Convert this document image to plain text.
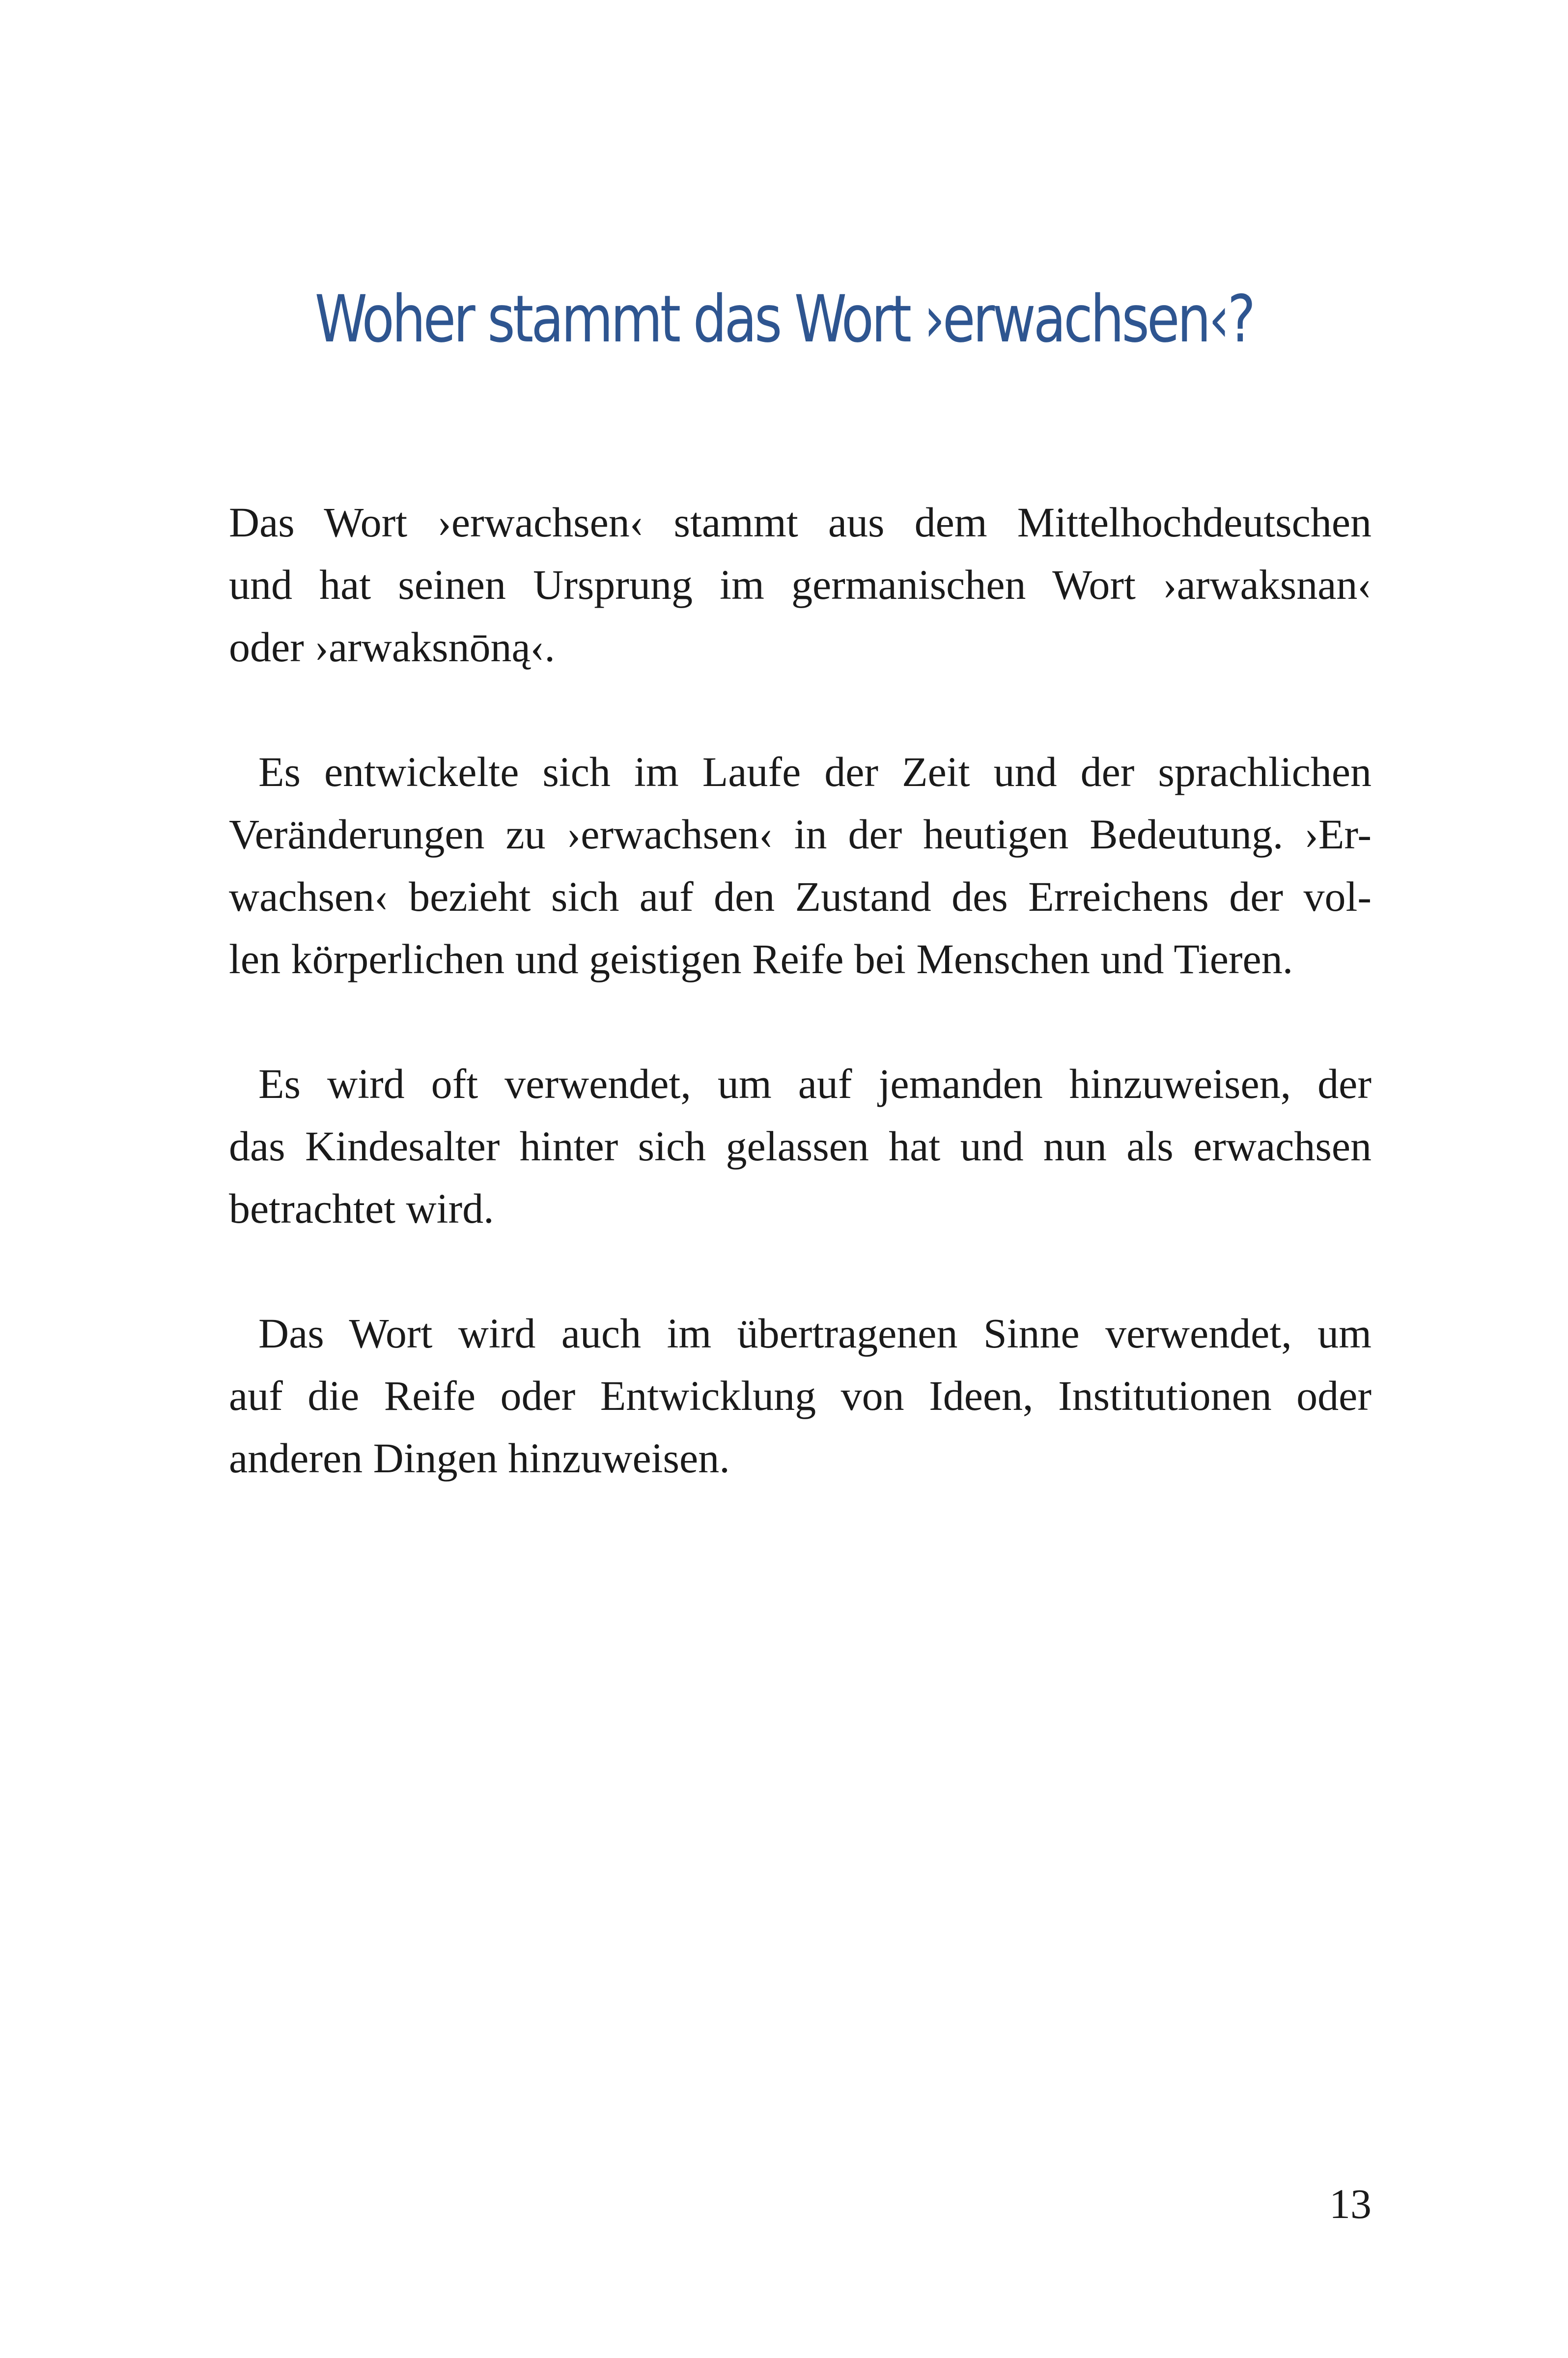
Woher stammt das Wort ›erwachsen‹?

Das Wort ›erwachsen‹ stammt aus dem Mittelhochdeutschen
und hat seinen Ursprung im germanischen Wort ›arwaksnan‹
oder ›arwaksnōną‹.

Es entwickelte sich im Laufe der Zeit und der sprachlichen
Veränderungen zu ›erwachsen‹ in der heutigen Bedeutung. ›Er-
wachsen‹ bezieht sich auf den Zustand des Erreichens der vol-
len körperlichen und geistigen Reife bei Menschen und Tieren.

Es wird oft verwendet, um auf jemanden hinzuweisen, der
das Kindesalter hinter sich gelassen hat und nun als erwachsen
betrachtet wird.

Das Wort wird auch im übertragenen Sinne verwendet, um
auf die Reife oder Entwicklung von Ideen, Institutionen oder
anderen Dingen hinzuweisen.

13
